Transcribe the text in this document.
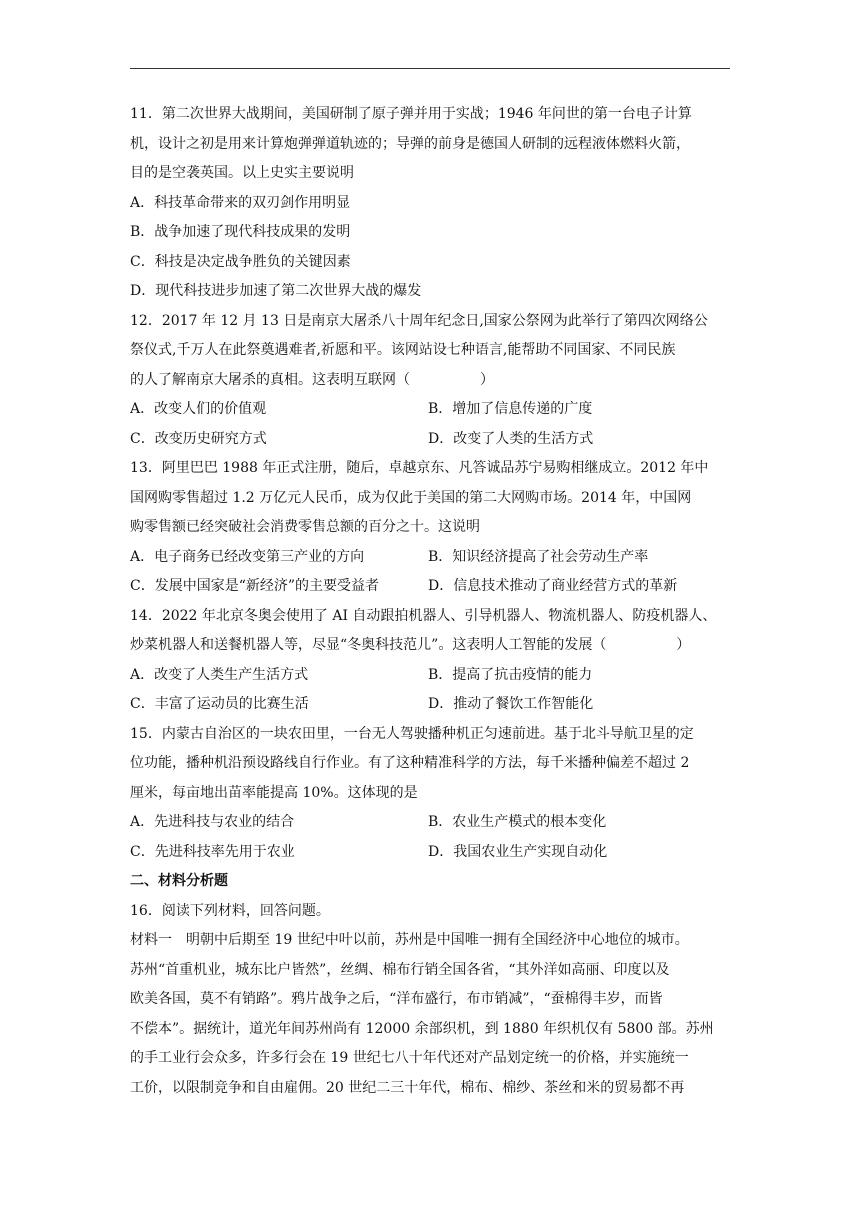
11．第二次世界大战期间，美国研制了原子弹并用于实战；1946 年问世的第一台电子计算
机，设计之初是用来计算炮弹弹道轨迹的；导弹的前身是德国人研制的远程液体燃料火箭，
目的是空袭英国。以上史实主要说明
A．科技革命带来的双刃剑作用明显
B．战争加速了现代科技成果的发明
C．科技是决定战争胜负的关键因素
D．现代科技进步加速了第二次世界大战的爆发
12．2017 年 12 月 13 日是南京大屠杀八十周年纪念日,国家公祭网为此举行了第四次网络公
祭仪式,千万人在此祭奠遇难者,祈愿和平。该网站设七种语言,能帮助不同国家、不同民族
的人了解南京大屠杀的真相。这表明互联网（　　　　　）
A．改变人们的价值观	B．增加了信息传递的广度
C．改变历史研究方式	D．改变了人类的生活方式
13．阿里巴巴 1988 年正式注册，随后，卓越京东、凡答诚品苏宁易购相继成立。2012 年中
国网购零售超过 1.2 万亿元人民币，成为仅此于美国的第二大网购市场。2014 年，中国网
购零售额已经突破社会消费零售总额的百分之十。这说明
A．电子商务已经改变第三产业的方向	B．知识经济提高了社会劳动生产率
C．发展中国家是“新经济”的主要受益者	D．信息技术推动了商业经营方式的革新
14．2022 年北京冬奥会使用了 AI 自动跟拍机器人、引导机器人、物流机器人、防疫机器人、
炒菜机器人和送餐机器人等，尽显“冬奥科技范儿”。这表明人工智能的发展（　　　　　）
A．改变了人类生产生活方式	B．提高了抗击疫情的能力
C．丰富了运动员的比赛生活	D．推动了餐饮工作智能化
15．内蒙古自治区的一块农田里，一台无人驾驶播种机正匀速前进。基于北斗导航卫星的定
位功能，播种机沿预设路线自行作业。有了这种精准科学的方法，每千米播种偏差不超过 2
厘米，每亩地出苗率能提高 10%。这体现的是
A．先进科技与农业的结合	B．农业生产模式的根本变化
C．先进科技率先用于农业	D．我国农业生产实现自动化
二、材料分析题
16．阅读下列材料，回答问题。
材料一　明朝中后期至 19 世纪中叶以前，苏州是中国唯一拥有全国经济中心地位的城市。
苏州“首重机业，城东比户皆然”，丝绸、棉布行销全国各省，“其外洋如高丽、印度以及
欧美各国，莫不有销路”。鸦片战争之后，“洋布盛行，布市销减”，“蚕棉得丰岁，而皆
不偿本”。据统计，道光年间苏州尚有 12000 余部织机，到 1880 年织机仅有 5800 部。苏州
的手工业行会众多，许多行会在 19 世纪七八十年代还对产品划定统一的价格，并实施统一
工价，以限制竞争和自由雇佣。20 世纪二三十年代，棉布、棉纱、茶丝和米的贸易都不再
